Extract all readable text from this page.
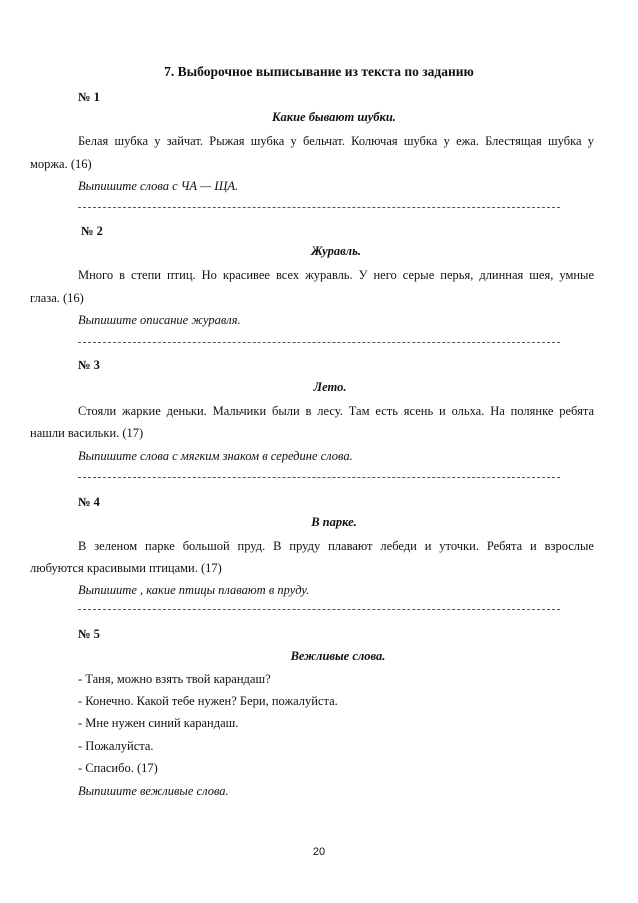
7. Выборочное выписывание из текста по заданию
№ 1
Какие бывают шубки.
Белая шубка у зайчат. Рыжая шубка у бельчат. Колючая шубка у ежа. Блестящая шубка у
моржа. (16)
Выпишите слова с ЧА — ЩА.
№ 2
Журавль.
Много в степи птиц. Но красивее всех журавль. У него серые перья, длинная шея, умные
глаза. (16)
Выпишите описание журавля.
№ 3
Лето.
Стояли жаркие деньки. Мальчики были в лесу. Там есть ясень и ольха. На полянке ребята
нашли васильки. (17)
Выпишите слова с мягким знаком в середине слова.
№ 4
В парке.
В зеленом парке большой пруд. В пруду плавают лебеди и уточки. Ребята и взрослые
любуются красивыми птицами. (17)
Выпишите , какие птицы плавают в пруду.
№ 5
Вежливые слова.
- Таня, можно взять твой карандаш?
- Конечно. Какой тебе нужен? Бери, пожалуйста.
- Мне нужен синий карандаш.
- Пожалуйста.
- Спасибо. (17)
Выпишите вежливые слова.
20
